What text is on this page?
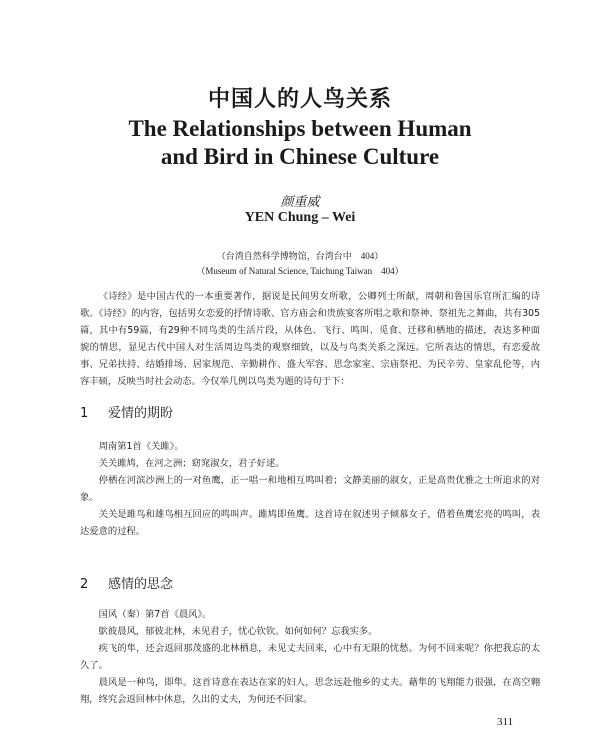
中国人的人鸟关系
The Relationships between Human
and Bird in Chinese Culture
颜重威
YEN Chung – Wei
（台湾自然科学博物馆，台湾台中　404）
（Museum of Natural Science, Taichung Taiwan　404）
《诗经》是中国古代的一本重要著作，据说是民间男女所歌，公卿列士所献，周朝和鲁国乐官所汇编的诗歌。《诗经》的内容，包括男女恋爱的抒情诗歌、官方庙会和贵族宴客所唱之歌和祭神、祭祖先之舞曲，共有305篇，其中有59篇，有29种不同鸟类的生活片段，从体色、飞行、鸣叫、觅食、迁移和栖地的描述，表达多种面貌的情思，显见古代中国人对生活周边鸟类的观察细致，以及与鸟类关系之深远。它所表达的情思，有恋爱故事、兄弟扶持、结婚排场、居家规范、辛勤耕作、盛大军容、思念家室、宗庙祭祀、为民辛劳、皇家乱伦等，内容丰硕，反映当时社会动态。今仅举几例以鸟类为题的诗句于下：
1 爱情的期盼

周南第1首《关雎》。

关关雎鸠，在河之洲；窈窕淑女，君子好逑。

停栖在河滨沙洲上的一对鱼鹰，正一唱一和地相互鸣叫着；文静美丽的淑女，正是高贵优雅之士所追求的对象。

关关是雎鸟和雄鸟相互回应的鸣叫声。雎鸠即鱼鹰。这首诗在叙述男子倾慕女子，借着鱼鹰宏亮的鸣叫，表达爱意的过程。

2 感情的思念

国风（秦）第7首《晨风》。

鴥彼晨风，郁彼北林，未见君子，忧心钦钦。如何如何？忘我实多。

疾飞的隼，还会返回那茂盛的北林栖息，未见丈夫回来，心中有无限的忧愁。为何不回来呢？你把我忘的太久了。

晨风是一种鸟，即隼。这首诗意在表达在家的妇人，思念远赴他乡的丈夫。藉隼的飞翔能力很强，在高空翱翔，终究会返回林中休息，久出的丈夫，为何还不回家。

311
